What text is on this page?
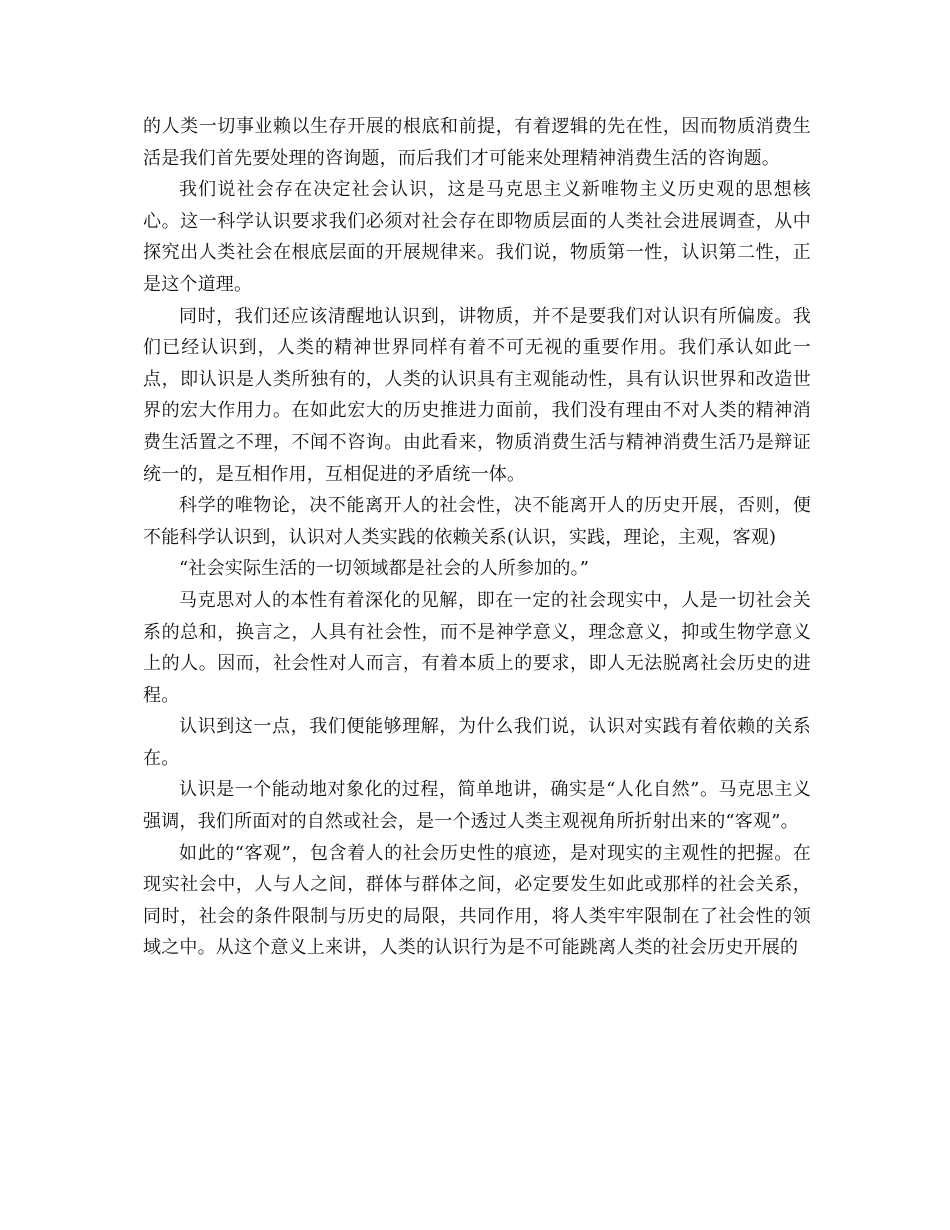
的人类一切事业赖以生存开展的根底和前提，有着逻辑的先在性，因而物质消费生活是我们首先要处理的咨询题，而后我们才可能来处理精神消费生活的咨询题。

我们说社会存在决定社会认识，这是马克思主义新唯物主义历史观的思想核心。这一科学认识要求我们必须对社会存在即物质层面的人类社会进展调查，从中探究出人类社会在根底层面的开展规律来。我们说，物质第一性，认识第二性，正是这个道理。

同时，我们还应该清醒地认识到，讲物质，并不是要我们对认识有所偏废。我们已经认识到，人类的精神世界同样有着不可无视的重要作用。我们承认如此一点，即认识是人类所独有的，人类的认识具有主观能动性，具有认识世界和改造世界的宏大作用力。在如此宏大的历史推进力面前，我们没有理由不对人类的精神消费生活置之不理，不闻不咨询。由此看来，物质消费生活与精神消费生活乃是辩证统一的，是互相作用，互相促进的矛盾统一体。

科学的唯物论，决不能离开人的社会性，决不能离开人的历史开展，否则，便不能科学认识到，认识对人类实践的依赖关系(认识，实践，理论，主观，客观)

“社会实际生活的一切领域都是社会的人所参加的。”

马克思对人的本性有着深化的见解，即在一定的社会现实中，人是一切社会关系的总和，换言之，人具有社会性，而不是神学意义，理念意义，抑或生物学意义上的人。因而，社会性对人而言，有着本质上的要求，即人无法脱离社会历史的进程。

认识到这一点，我们便能够理解，为什么我们说，认识对实践有着依赖的关系在。

认识是一个能动地对象化的过程，简单地讲，确实是“人化自然”。马克思主义强调，我们所面对的自然或社会，是一个透过人类主观视角所折射出来的“客观”。

如此的“客观”，包含着人的社会历史性的痕迹，是对现实的主观性的把握。在现实社会中，人与人之间，群体与群体之间，必定要发生如此或那样的社会关系，同时，社会的条件限制与历史的局限，共同作用，将人类牢牢限制在了社会性的领域之中。从这个意义上来讲，人类的认识行为是不可能跳离人类的社会历史开展的
